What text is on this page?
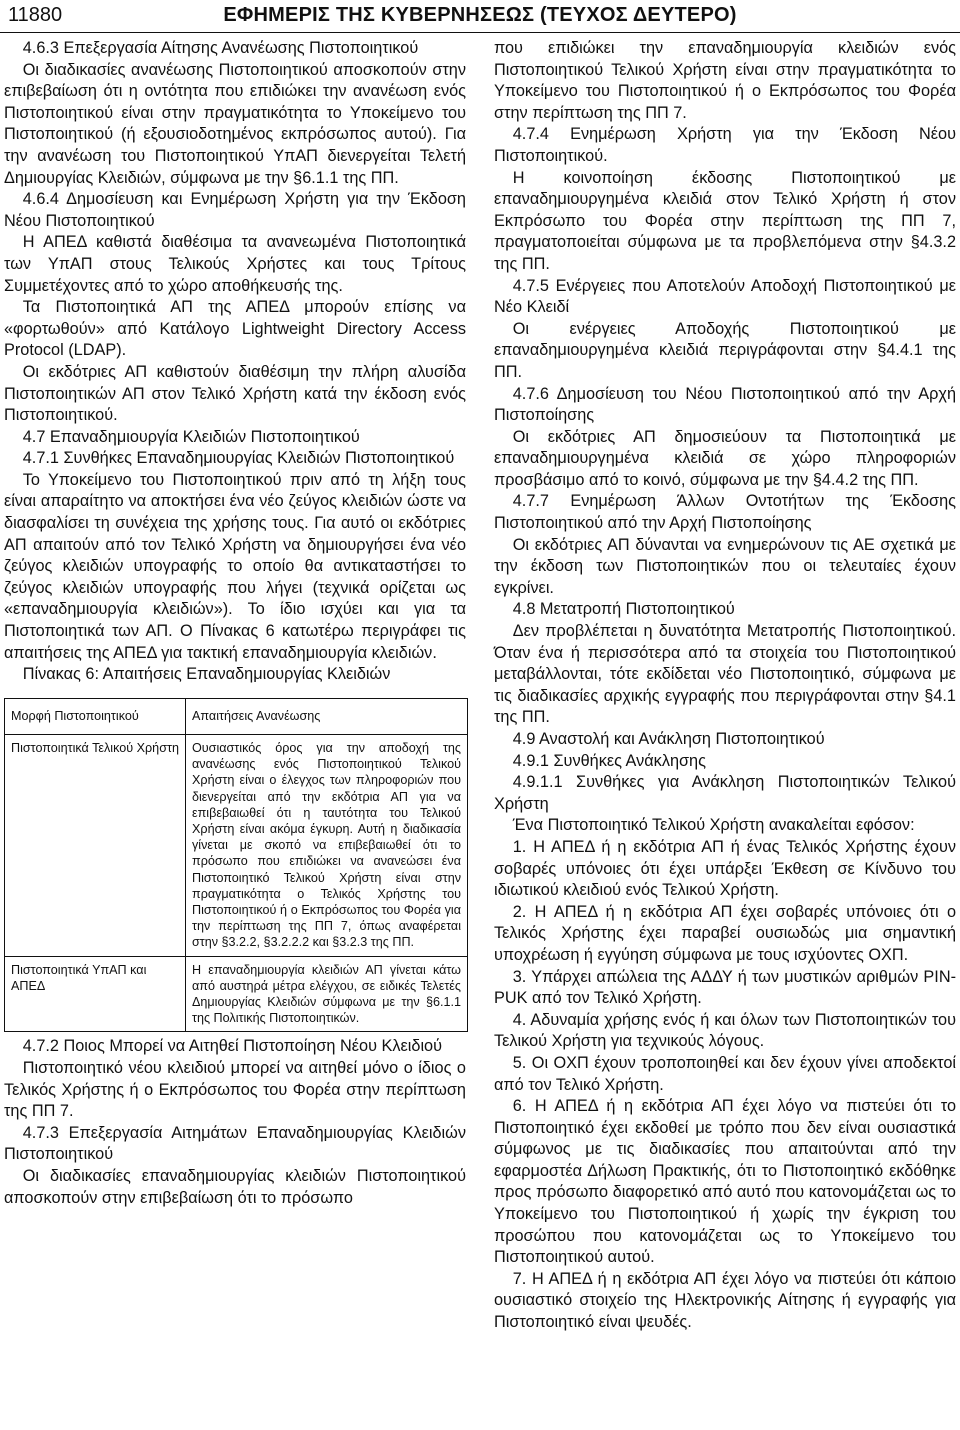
11880	ΕΦΗΜΕΡΙΣ ΤΗΣ ΚΥΒΕΡΝΗΣΕΩΣ (ΤΕΥΧΟΣ ΔΕΥΤΕΡΟ)

4.6.3 Επεξεργασία Αίτησης Ανανέωσης Πιστοποιητικού

Οι διαδικασίες ανανέωσης Πιστοποιητικού αποσκοπούν στην επιβεβαίωση ότι η οντότητα που επιδιώκει την ανανέωση ενός Πιστοποιητικού είναι στην πραγματικότητα το Υποκείμενο του Πιστοποιητικού (ή εξουσιοδοτημένος εκπρόσωπος αυτού). Για την ανανέωση του Πιστοποιητικού ΥπΑΠ διενεργείται Τελετή Δημιουργίας Κλειδιών, σύμφωνα με την §6.1.1 της ΠΠ.

4.6.4 Δημοσίευση και Ενημέρωση Χρήστη για την Έκδοση Νέου Πιστοποιητικού

Η ΑΠΕΔ καθιστά διαθέσιμα τα ανανεωμένα Πιστοποιητικά των ΥπΑΠ στους Τελικούς Χρήστες και τους Τρίτους Συμμετέχοντες από το χώρο αποθήκευσής της.

Τα Πιστοποιητικά ΑΠ της ΑΠΕΔ μπορούν επίσης να «φορτωθούν» από Κατάλογο Lightweight Directory Access Protocol (LDAP).

Οι εκδότριες ΑΠ καθιστούν διαθέσιμη την πλήρη αλυσίδα Πιστοποιητικών ΑΠ στον Τελικό Χρήστη κατά την έκδοση ενός Πιστοποιητικού.

4.7 Επαναδημιουργία Κλειδιών Πιστοποιητικού

4.7.1 Συνθήκες Επαναδημιουργίας Κλειδιών Πιστοποιητικού

Το Υποκείμενο του Πιστοποιητικού πριν από τη λήξη τους είναι απαραίτητο να αποκτήσει ένα νέο ζεύγος κλειδιών ώστε να διασφαλίσει τη συνέχεια της χρήσης τους. Για αυτό οι εκδότριες ΑΠ απαιτούν από τον Τελικό Χρήστη να δημιουργήσει ένα νέο ζεύγος κλειδιών υπογραφής το οποίο θα αντικαταστήσει το ζεύγος κλειδιών υπογραφής που λήγει (τεχνικά ορίζεται ως «επαναδημιουργία κλειδιών»). Το ίδιο ισχύει και για τα Πιστοποιητικά των ΑΠ. Ο Πίνακας 6 κατωτέρω περιγράφει τις απαιτήσεις της ΑΠΕΔ για τακτική επαναδημιουργία κλειδιών.

Πίνακας 6: Απαιτήσεις Επαναδημιουργίας Κλειδιών

Μορφή Πιστοποιητικού	Απαιτήσεις Ανανέωσης
Πιστοποιητικά Τελικού Χρήστη	Ουσιαστικός όρος για την αποδοχή της ανανέωσης ενός Πιστοποιητικού Τελικού Χρήστη είναι ο έλεγχος των πληροφοριών που διενεργείται από την εκδότρια ΑΠ για να επιβεβαιωθεί ότι η ταυτότητα του Τελικού Χρήστη είναι ακόμα έγκυρη. Αυτή η διαδικασία γίνεται με σκοπό να επιβεβαιωθεί ότι το πρόσωπο που επιδιώκει να ανανεώσει ένα Πιστοποιητικό Τελικού Χρήστη είναι στην πραγματικότητα ο Τελικός Χρήστης του Πιστοποιητικού ή ο Εκπρόσωπος του Φορέα για την περίπτωση της ΠΠ 7, όπως αναφέρεται στην §3.2.2, §3.2.2.2 και §3.2.3 της ΠΠ.
Πιστοποιητικά ΥπΑΠ και ΑΠΕΔ	Η επαναδημιουργία κλειδιών ΑΠ γίνεται κάτω από αυστηρά μέτρα ελέγχου, σε ειδικές Τελετές Δημιουργίας Κλειδιών σύμφωνα με την §6.1.1 της Πολιτικής Πιστοποιητικών.

4.7.2 Ποιος Μπορεί να Αιτηθεί Πιστοποίηση Νέου Κλειδιού

Πιστοποιητικό νέου κλειδιού μπορεί να αιτηθεί μόνο ο ίδιος ο Τελικός Χρήστης ή ο Εκπρόσωπος του Φορέα στην περίπτωση της ΠΠ 7.

4.7.3 Επεξεργασία Αιτημάτων Επαναδημιουργίας Κλειδιών Πιστοποιητικού

Οι διαδικασίες επαναδημιουργίας κλειδιών Πιστοποιητικού αποσκοπούν στην επιβεβαίωση ότι το πρόσωπο

που επιδιώκει την επαναδημιουργία κλειδιών ενός Πιστοποιητικού Τελικού Χρήστη είναι στην πραγματικότητα το Υποκείμενο του Πιστοποιητικού ή ο Εκπρόσωπος του Φορέα στην περίπτωση της ΠΠ 7.

4.7.4 Ενημέρωση Χρήστη για την Έκδοση Νέου Πιστοποιητικού.

Η κοινοποίηση έκδοσης Πιστοποιητικού με επαναδημιουργημένα κλειδιά στον Τελικό Χρήστη ή στον Εκπρόσωπο του Φορέα στην περίπτωση της ΠΠ 7, πραγματοποιείται σύμφωνα με τα προβλεπόμενα στην §4.3.2 της ΠΠ.

4.7.5 Ενέργειες που Αποτελούν Αποδοχή Πιστοποιητικού με Νέο Κλειδί

Οι ενέργειες Αποδοχής Πιστοποιητικού με επαναδημιουργημένα κλειδιά περιγράφονται στην §4.4.1 της ΠΠ.

4.7.6 Δημοσίευση του Νέου Πιστοποιητικού από την Αρχή Πιστοποίησης

Οι εκδότριες ΑΠ δημοσιεύουν τα Πιστοποιητικά με επαναδημιουργημένα κλειδιά σε χώρο πληροφοριών προσβάσιμο από το κοινό, σύμφωνα με την §4.4.2 της ΠΠ.

4.7.7 Ενημέρωση Άλλων Οντοτήτων της Έκδοσης Πιστοποιητικού από την Αρχή Πιστοποίησης

Οι εκδότριες ΑΠ δύνανται να ενημερώνουν τις ΑΕ σχετικά με την έκδοση των Πιστοποιητικών που οι τελευταίες έχουν εγκρίνει.

4.8 Μετατροπή Πιστοποιητικού

Δεν προβλέπεται η δυνατότητα Μετατροπής Πιστοποιητικού. Όταν ένα ή περισσότερα από τα στοιχεία του Πιστοποιητικού μεταβάλλονται, τότε εκδίδεται νέο Πιστοποιητικό, σύμφωνα με τις διαδικασίες αρχικής εγγραφής που περιγράφονται στην §4.1 της ΠΠ.

4.9 Αναστολή και Ανάκληση Πιστοποιητικού

4.9.1 Συνθήκες Ανάκλησης

4.9.1.1 Συνθήκες για Ανάκληση Πιστοποιητικών Τελικού Χρήστη

Ένα Πιστοποιητικό Τελικού Χρήστη ανακαλείται εφόσον:

1. Η ΑΠΕΔ ή η εκδότρια ΑΠ ή ένας Τελικός Χρήστης έχουν σοβαρές υπόνοιες ότι έχει υπάρξει Έκθεση σε Κίνδυνο του ιδιωτικού κλειδιού ενός Τελικού Χρήστη.

2. Η ΑΠΕΔ ή η εκδότρια ΑΠ έχει σοβαρές υπόνοιες ότι ο Τελικός Χρήστης έχει παραβεί ουσιωδώς μια σημαντική υποχρέωση ή εγγύηση σύμφωνα με τους ισχύοντες ΟΧΠ.

3. Υπάρχει απώλεια της ΑΔΔΥ ή των μυστικών αριθμών PIN-PUK από τον Τελικό Χρήστη.

4. Αδυναμία χρήσης ενός ή και όλων των Πιστοποιητικών του Τελικού Χρήστη για τεχνικούς λόγους.

5. Οι ΟΧΠ έχουν τροποποιηθεί και δεν έχουν γίνει αποδεκτοί από τον Τελικό Χρήστη.

6. Η ΑΠΕΔ ή η εκδότρια ΑΠ έχει λόγο να πιστεύει ότι το Πιστοποιητικό έχει εκδοθεί με τρόπο που δεν είναι ουσιαστικά σύμφωνος με τις διαδικασίες που απαιτούνται από την εφαρμοστέα Δήλωση Πρακτικής, ότι το Πιστοποιητικό εκδόθηκε προς πρόσωπο διαφορετικό από αυτό που κατονομάζεται ως το Υποκείμενο του Πιστοποιητικού ή χωρίς την έγκριση του προσώπου που κατονομάζεται ως το Υποκείμενο του Πιστοποιητικού αυτού.

7. Η ΑΠΕΔ ή η εκδότρια ΑΠ έχει λόγο να πιστεύει ότι κάποιο ουσιαστικό στοιχείο της Ηλεκτρονικής Αίτησης ή εγγραφής για Πιστοποιητικό είναι ψευδές.
